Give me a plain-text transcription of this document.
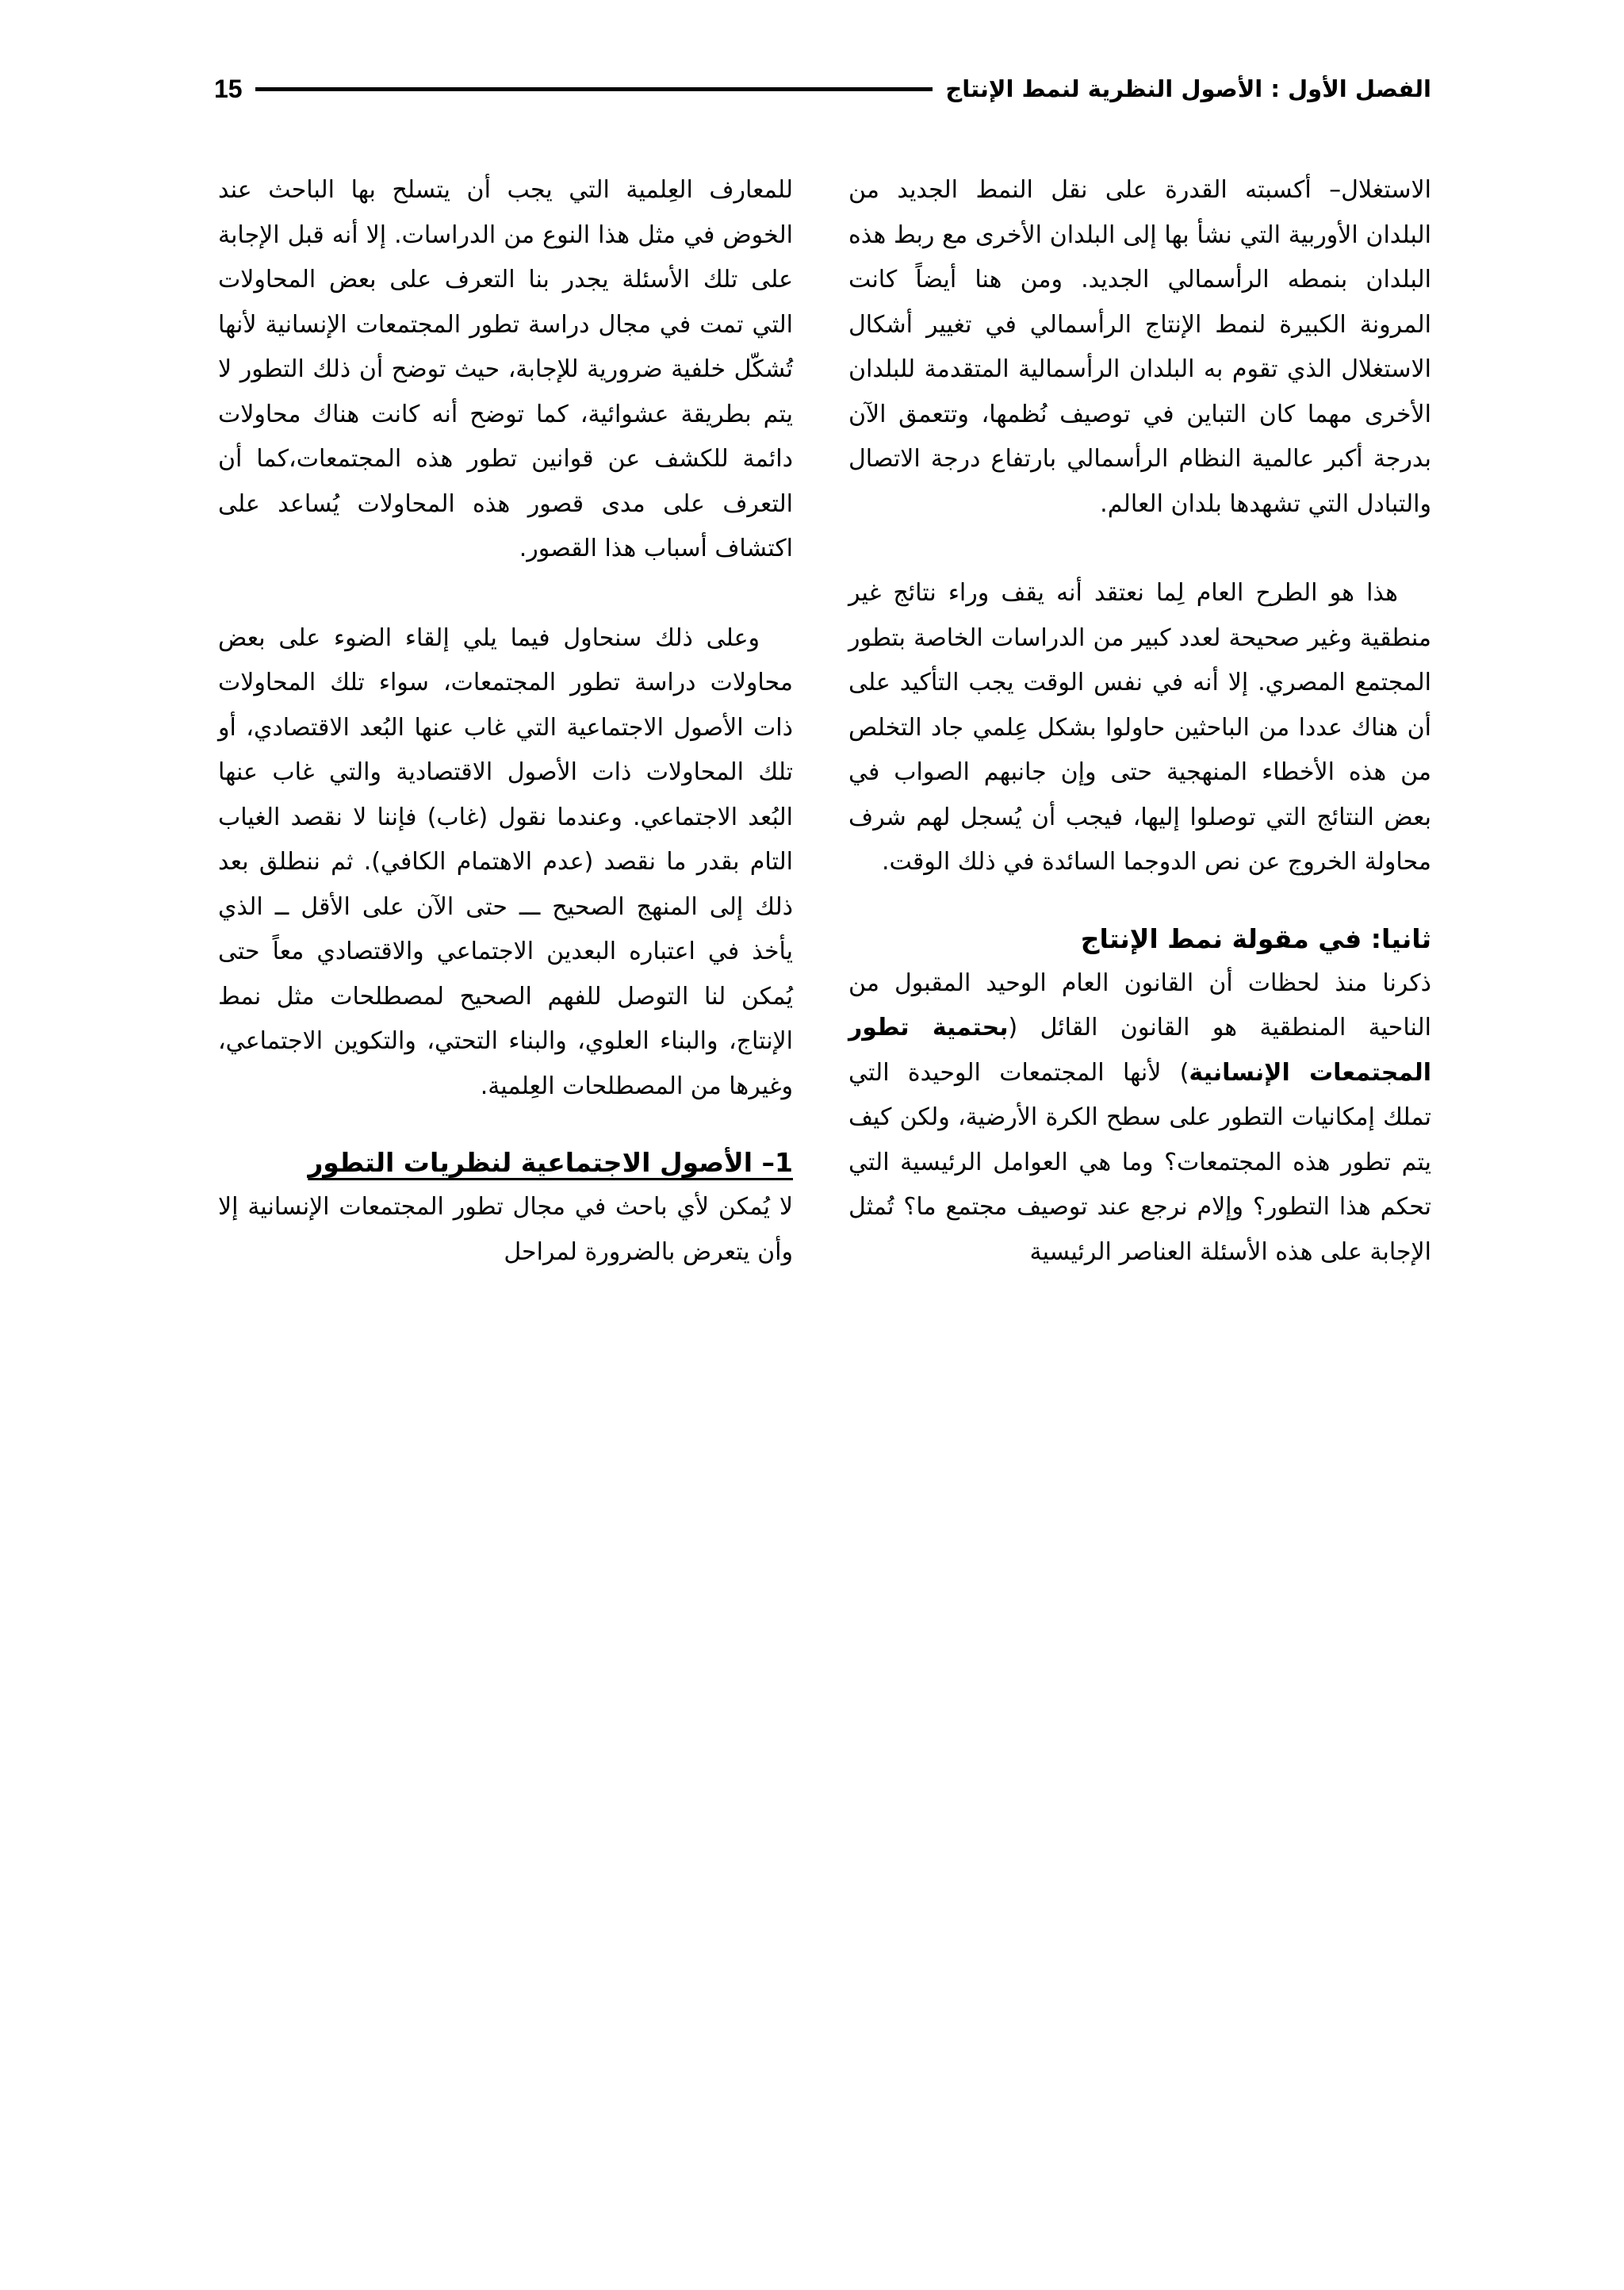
الفصل الأول : الأصول النظرية لنمط الإنتاج
15

الاستغلال– أكسبته القدرة على نقل النمط الجديد من البلدان الأوربية التي نشأ بها إلى البلدان الأخرى مع ربط هذه البلدان بنمطه الرأسمالي الجديد. ومن هنا أيضاً كانت المرونة الكبيرة لنمط الإنتاج الرأسمالي في تغيير أشكال الاستغلال الذي تقوم به البلدان الرأسمالية المتقدمة للبلدان الأخرى مهما كان التباين في توصيف نُظمها، وتتعمق الآن بدرجة أكبر عالمية النظام الرأسمالي بارتفاع درجة الاتصال والتبادل التي تشهدها بلدان العالم.

هذا هو الطرح العام لِما نعتقد أنه يقف وراء نتائج غير منطقية وغير صحيحة لعدد كبير من الدراسات الخاصة بتطور المجتمع المصري. إلا أنه في نفس الوقت يجب التأكيد على أن هناك عددا من الباحثين حاولوا بشكل عِلمي جاد التخلص من هذه الأخطاء المنهجية حتى وإن جانبهم الصواب في بعض النتائج التي توصلوا إليها، فيجب أن يُسجل لهم شرف محاولة الخروج عن نص الدوجما السائدة في ذلك الوقت.

ثانيا: في مقولة نمط الإنتاج

ذكرنا منذ لحظات أن القانون العام الوحيد المقبول من الناحية المنطقية هو القانون القائل (بحتمية تطور المجتمعات الإنسانية) لأنها المجتمعات الوحيدة التي تملك إمكانيات التطور على سطح الكرة الأرضية، ولكن كيف يتم تطور هذه المجتمعات؟ وما هي العوامل الرئيسية التي تحكم هذا التطور؟ وإلام نرجع عند توصيف مجتمع ما؟ تُمثل الإجابة على هذه الأسئلة العناصر الرئيسية

للمعارف العِلمية التي يجب أن يتسلح بها الباحث عند الخوض في مثل هذا النوع من الدراسات. إلا أنه قبل الإجابة على تلك الأسئلة يجدر بنا التعرف على بعض المحاولات التي تمت في مجال دراسة تطور المجتمعات الإنسانية لأنها تُشكّل خلفية ضرورية للإجابة، حيث توضح أن ذلك التطور لا يتم بطريقة عشوائية، كما توضح أنه كانت هناك محاولات دائمة للكشف عن قوانين تطور هذه المجتمعات،كما أن التعرف على مدى قصور هذه المحاولات يُساعد على اكتشاف أسباب هذا القصور.

وعلى ذلك سنحاول فيما يلي إلقاء الضوء على بعض محاولات دراسة تطور المجتمعات، سواء تلك المحاولات ذات الأصول الاجتماعية التي غاب عنها البُعد الاقتصادي، أو تلك المحاولات ذات الأصول الاقتصادية والتي غاب عنها البُعد الاجتماعي. وعندما نقول (غاب) فإننا لا نقصد الغياب التام بقدر ما نقصد (عدم الاهتمام الكافي). ثم ننطلق بعد ذلك إلى المنهج الصحيح ـــ حتى الآن على الأقل ــ الذي يأخذ في اعتباره البعدين الاجتماعي والاقتصادي معاً حتى يُمكن لنا التوصل للفهم الصحيح لمصطلحات مثل نمط الإنتاج، والبناء العلوي، والبناء التحتي، والتكوين الاجتماعي، وغيرها من المصطلحات العِلمية.

1– الأصول الاجتماعية لنظريات التطور

لا يُمكن لأي باحث في مجال تطور المجتمعات الإنسانية إلا وأن يتعرض بالضرورة لمراحل
